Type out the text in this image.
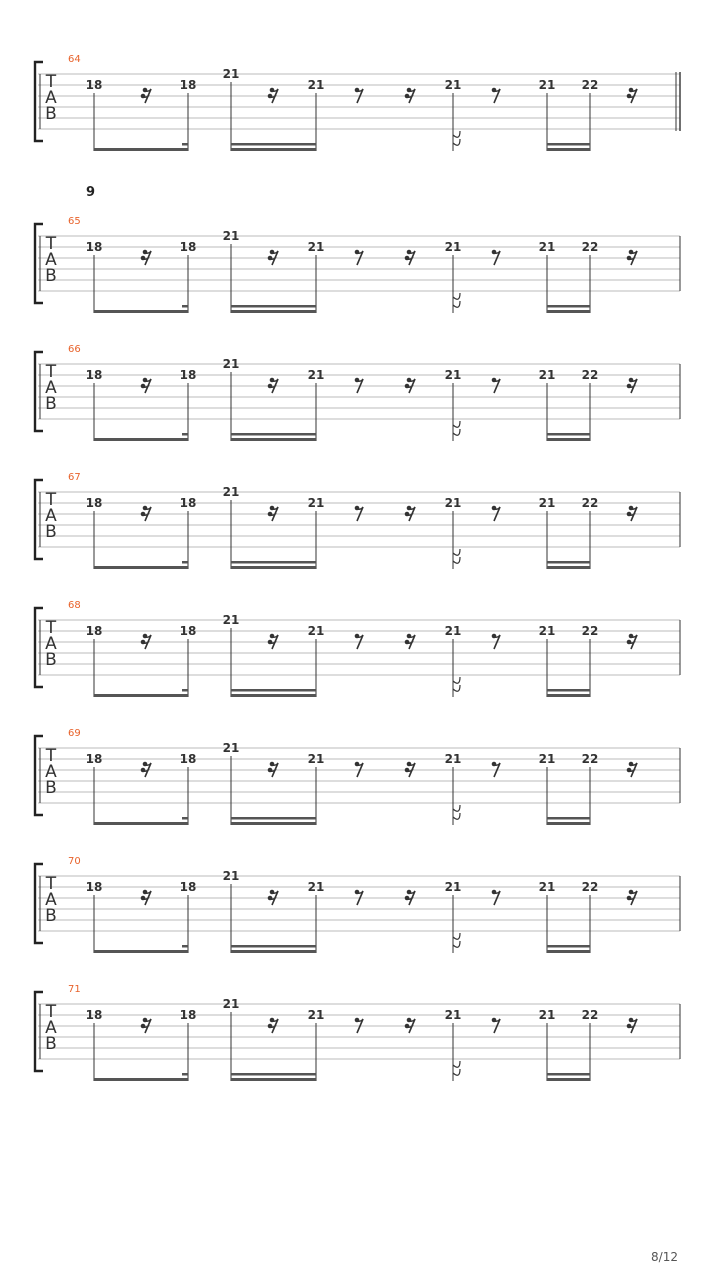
T
A
B
64
18	18
21
21	21	21 22
T
A
B
65
18	18
21
21	21	21 22
T
A
B
66
18	18
21
21	21	21 22
T
A
B
67
18	18
21
21	21	21 22
T
A
B
68
18	18
21
21	21	21 22
T
A
B
69
18	18
21
21	21	21 22
T
A
B
70
18	18
21
21	21	21 22
T
A
B
71
18	18
21
21	21	21 22
9
8/12
